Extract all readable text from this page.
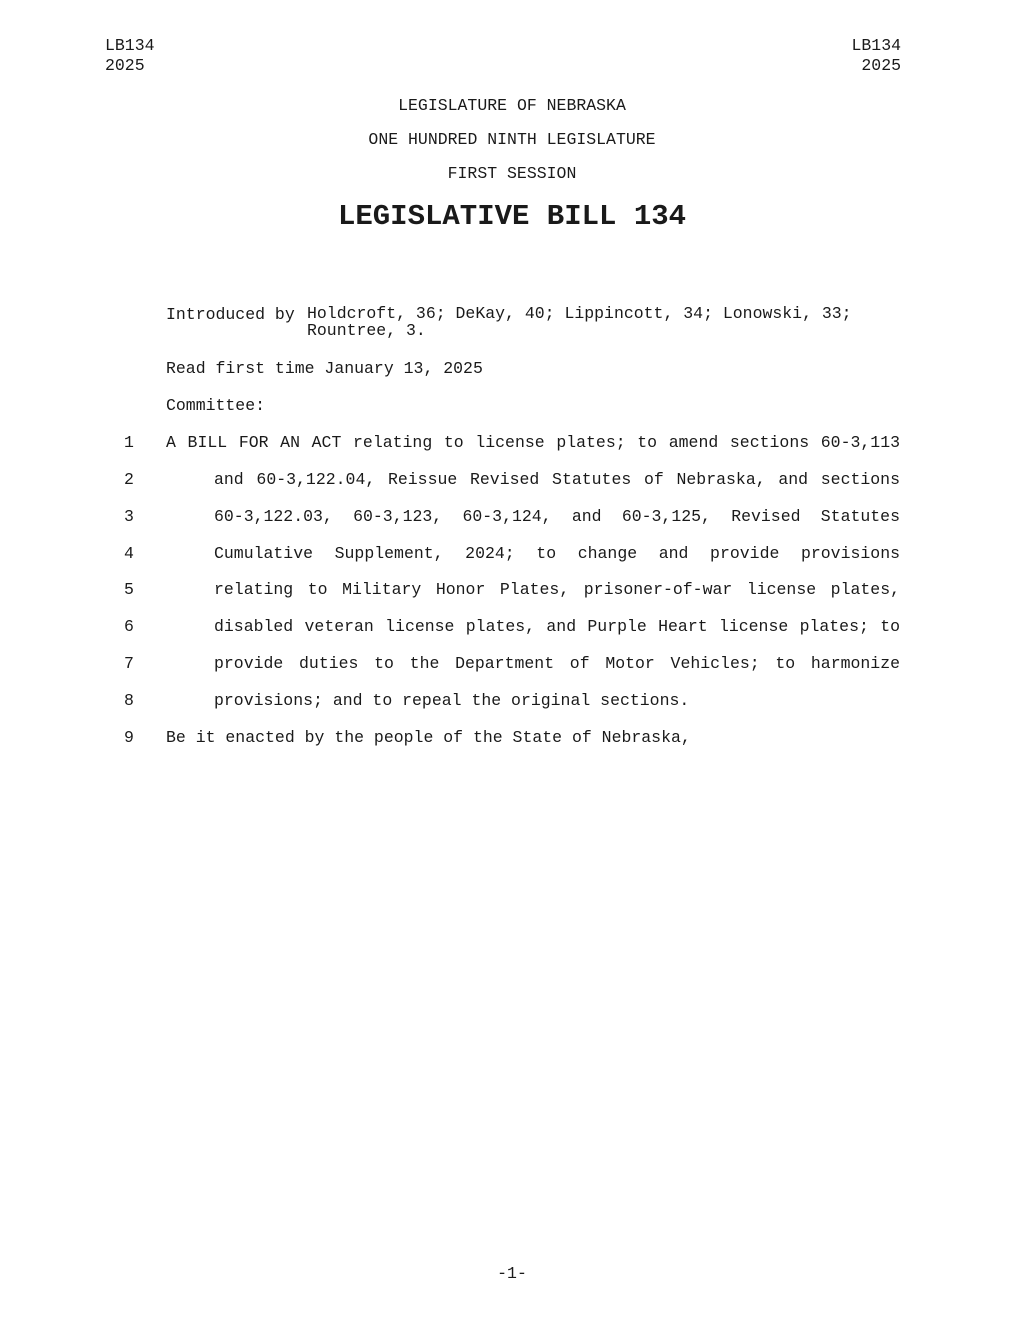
LB134
2025
LB134
2025
LEGISLATURE OF NEBRASKA
ONE HUNDRED NINTH LEGISLATURE
FIRST SESSION
LEGISLATIVE BILL 134
Introduced by Holdcroft, 36; DeKay, 40; Lippincott, 34; Lonowski, 33;
Rountree, 3.
Read first time January 13, 2025
Committee:
1 A BILL FOR AN ACT relating to license plates; to amend sections 60-3,113
2	and 60-3,122.04, Reissue Revised Statutes of Nebraska, and sections
3	60-3,122.03, 60-3,123, 60-3,124, and 60-3,125, Revised Statutes
4	Cumulative Supplement, 2024; to change and provide provisions
5	relating to Military Honor Plates, prisoner-of-war license plates,
6	disabled veteran license plates, and Purple Heart license plates; to
7	provide duties to the Department of Motor Vehicles; to harmonize
8	provisions; and to repeal the original sections.
9 Be it enacted by the people of the State of Nebraska,
-1-
